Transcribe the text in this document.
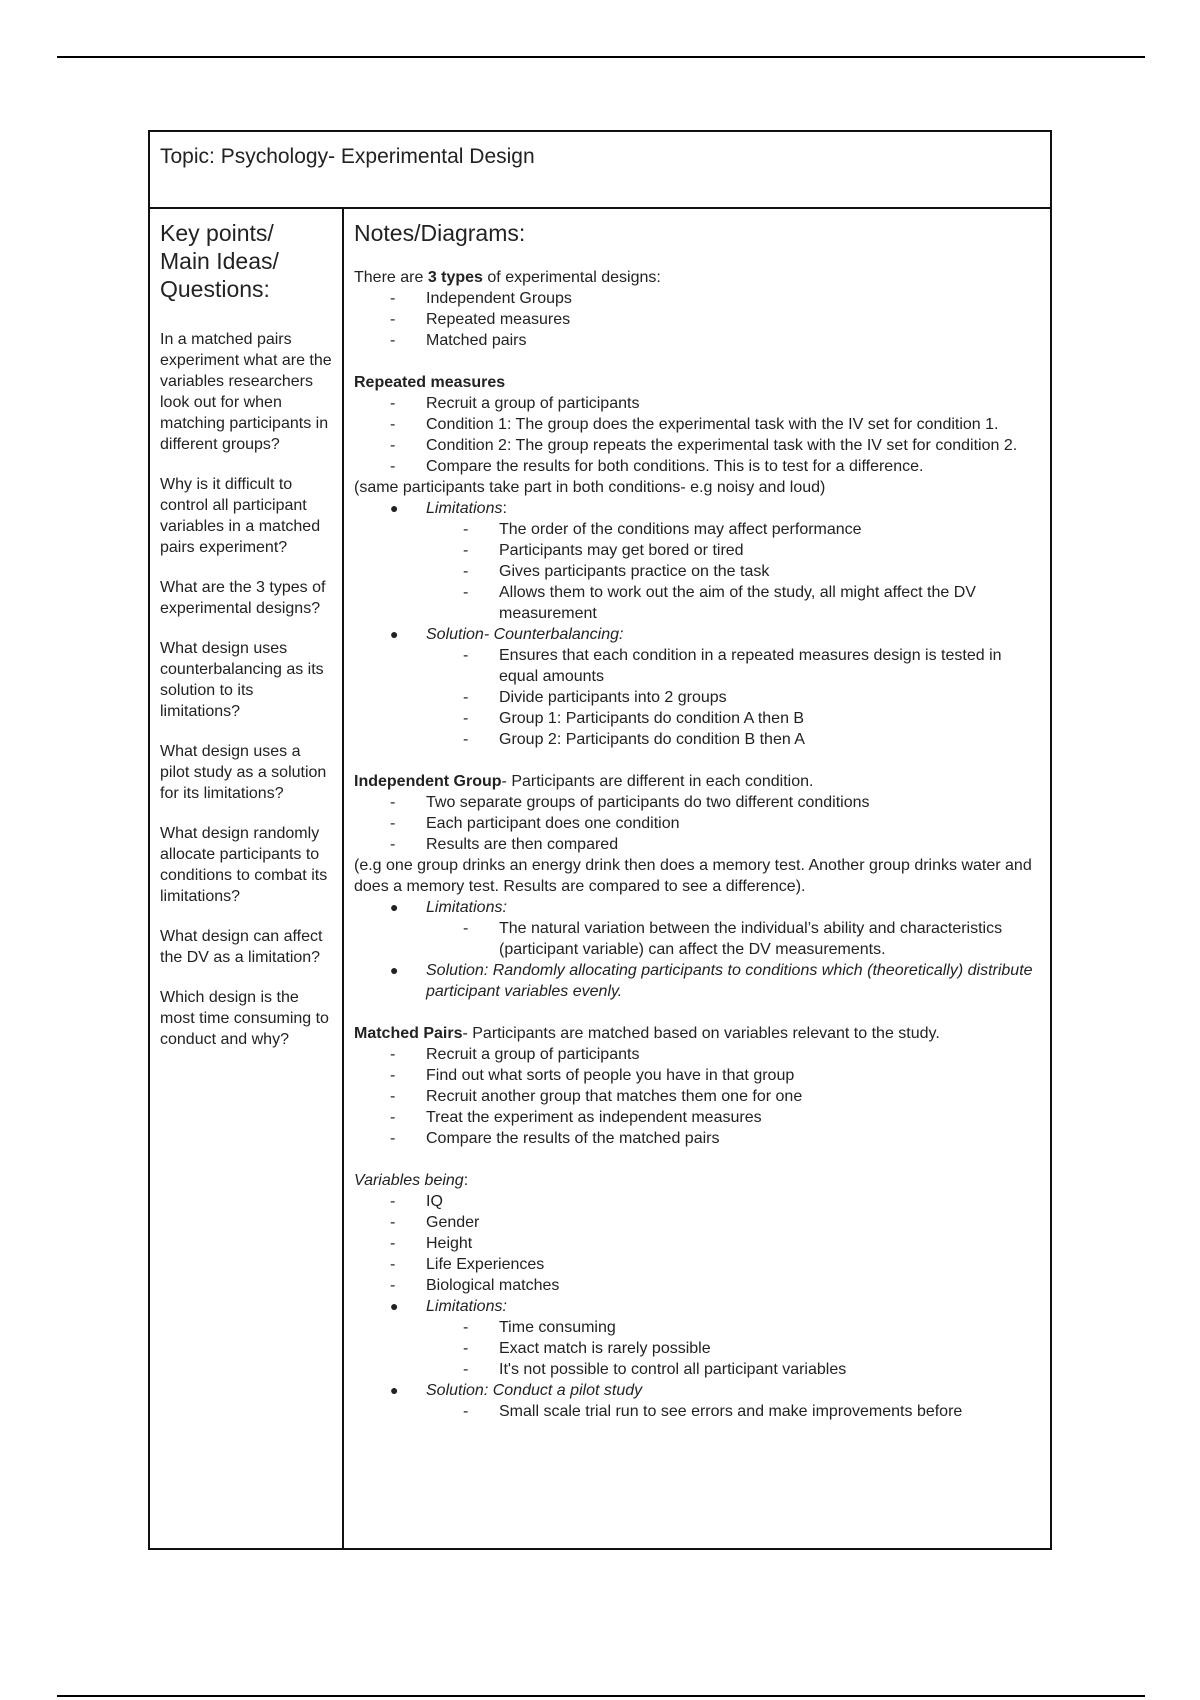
Topic: Psychology- Experimental Design
Key points/
Main Ideas/
Questions:

In a matched pairs experiment what are the variables researchers look out for when matching participants in different groups?

Why is it difficult to control all participant variables in a matched pairs experiment?

What are the 3 types of experimental designs?

What design uses counterbalancing as its solution to its limitations?

What design uses a pilot study as a solution for its limitations?

What design randomly allocate participants to conditions to combat its limitations?

What design can affect the DV as a limitation?

Which design is the most time consuming to conduct and why?

Notes/Diagrams:

There are 3 types of experimental designs:

- Independent Groups
- Repeated measures
- Matched pairs

Repeated measures

- Recruit a group of participants
- Condition 1: The group does the experimental task with the IV set for condition 1.
- Condition 2: The group repeats the experimental task with the IV set for condition 2.
- Compare the results for both conditions. This is to test for a difference.

(same participants take part in both conditions- e.g noisy and loud)

● Limitations:
- The order of the conditions may affect performance
- Participants may get bored or tired
- Gives participants practice on the task
- Allows them to work out the aim of the study, all might affect the DV measurement
● Solution- Counterbalancing:
- Ensures that each condition in a repeated measures design is tested in equal amounts
- Divide participants into 2 groups
- Group 1: Participants do condition A then B
- Group 2: Participants do condition B then A

Independent Group- Participants are different in each condition.

- Two separate groups of participants do two different conditions
- Each participant does one condition
- Results are then compared

(e.g one group drinks an energy drink then does a memory test. Another group drinks water and does a memory test. Results are compared to see a difference).

● Limitations:
- The natural variation between the individual’s ability and characteristics (participant variable) can affect the DV measurements.
● Solution: Randomly allocating participants to conditions which (theoretically) distribute participant variables evenly.

Matched Pairs- Participants are matched based on variables relevant to the study.

- Recruit a group of participants
- Find out what sorts of people you have in that group
- Recruit another group that matches them one for one
- Treat the experiment as independent measures
- Compare the results of the matched pairs

Variables being:

- IQ
- Gender
- Height
- Life Experiences
- Biological matches
● Limitations:
- Time consuming
- Exact match is rarely possible
- It's not possible to control all participant variables
● Solution: Conduct a pilot study
- Small scale trial run to see errors and make improvements before
